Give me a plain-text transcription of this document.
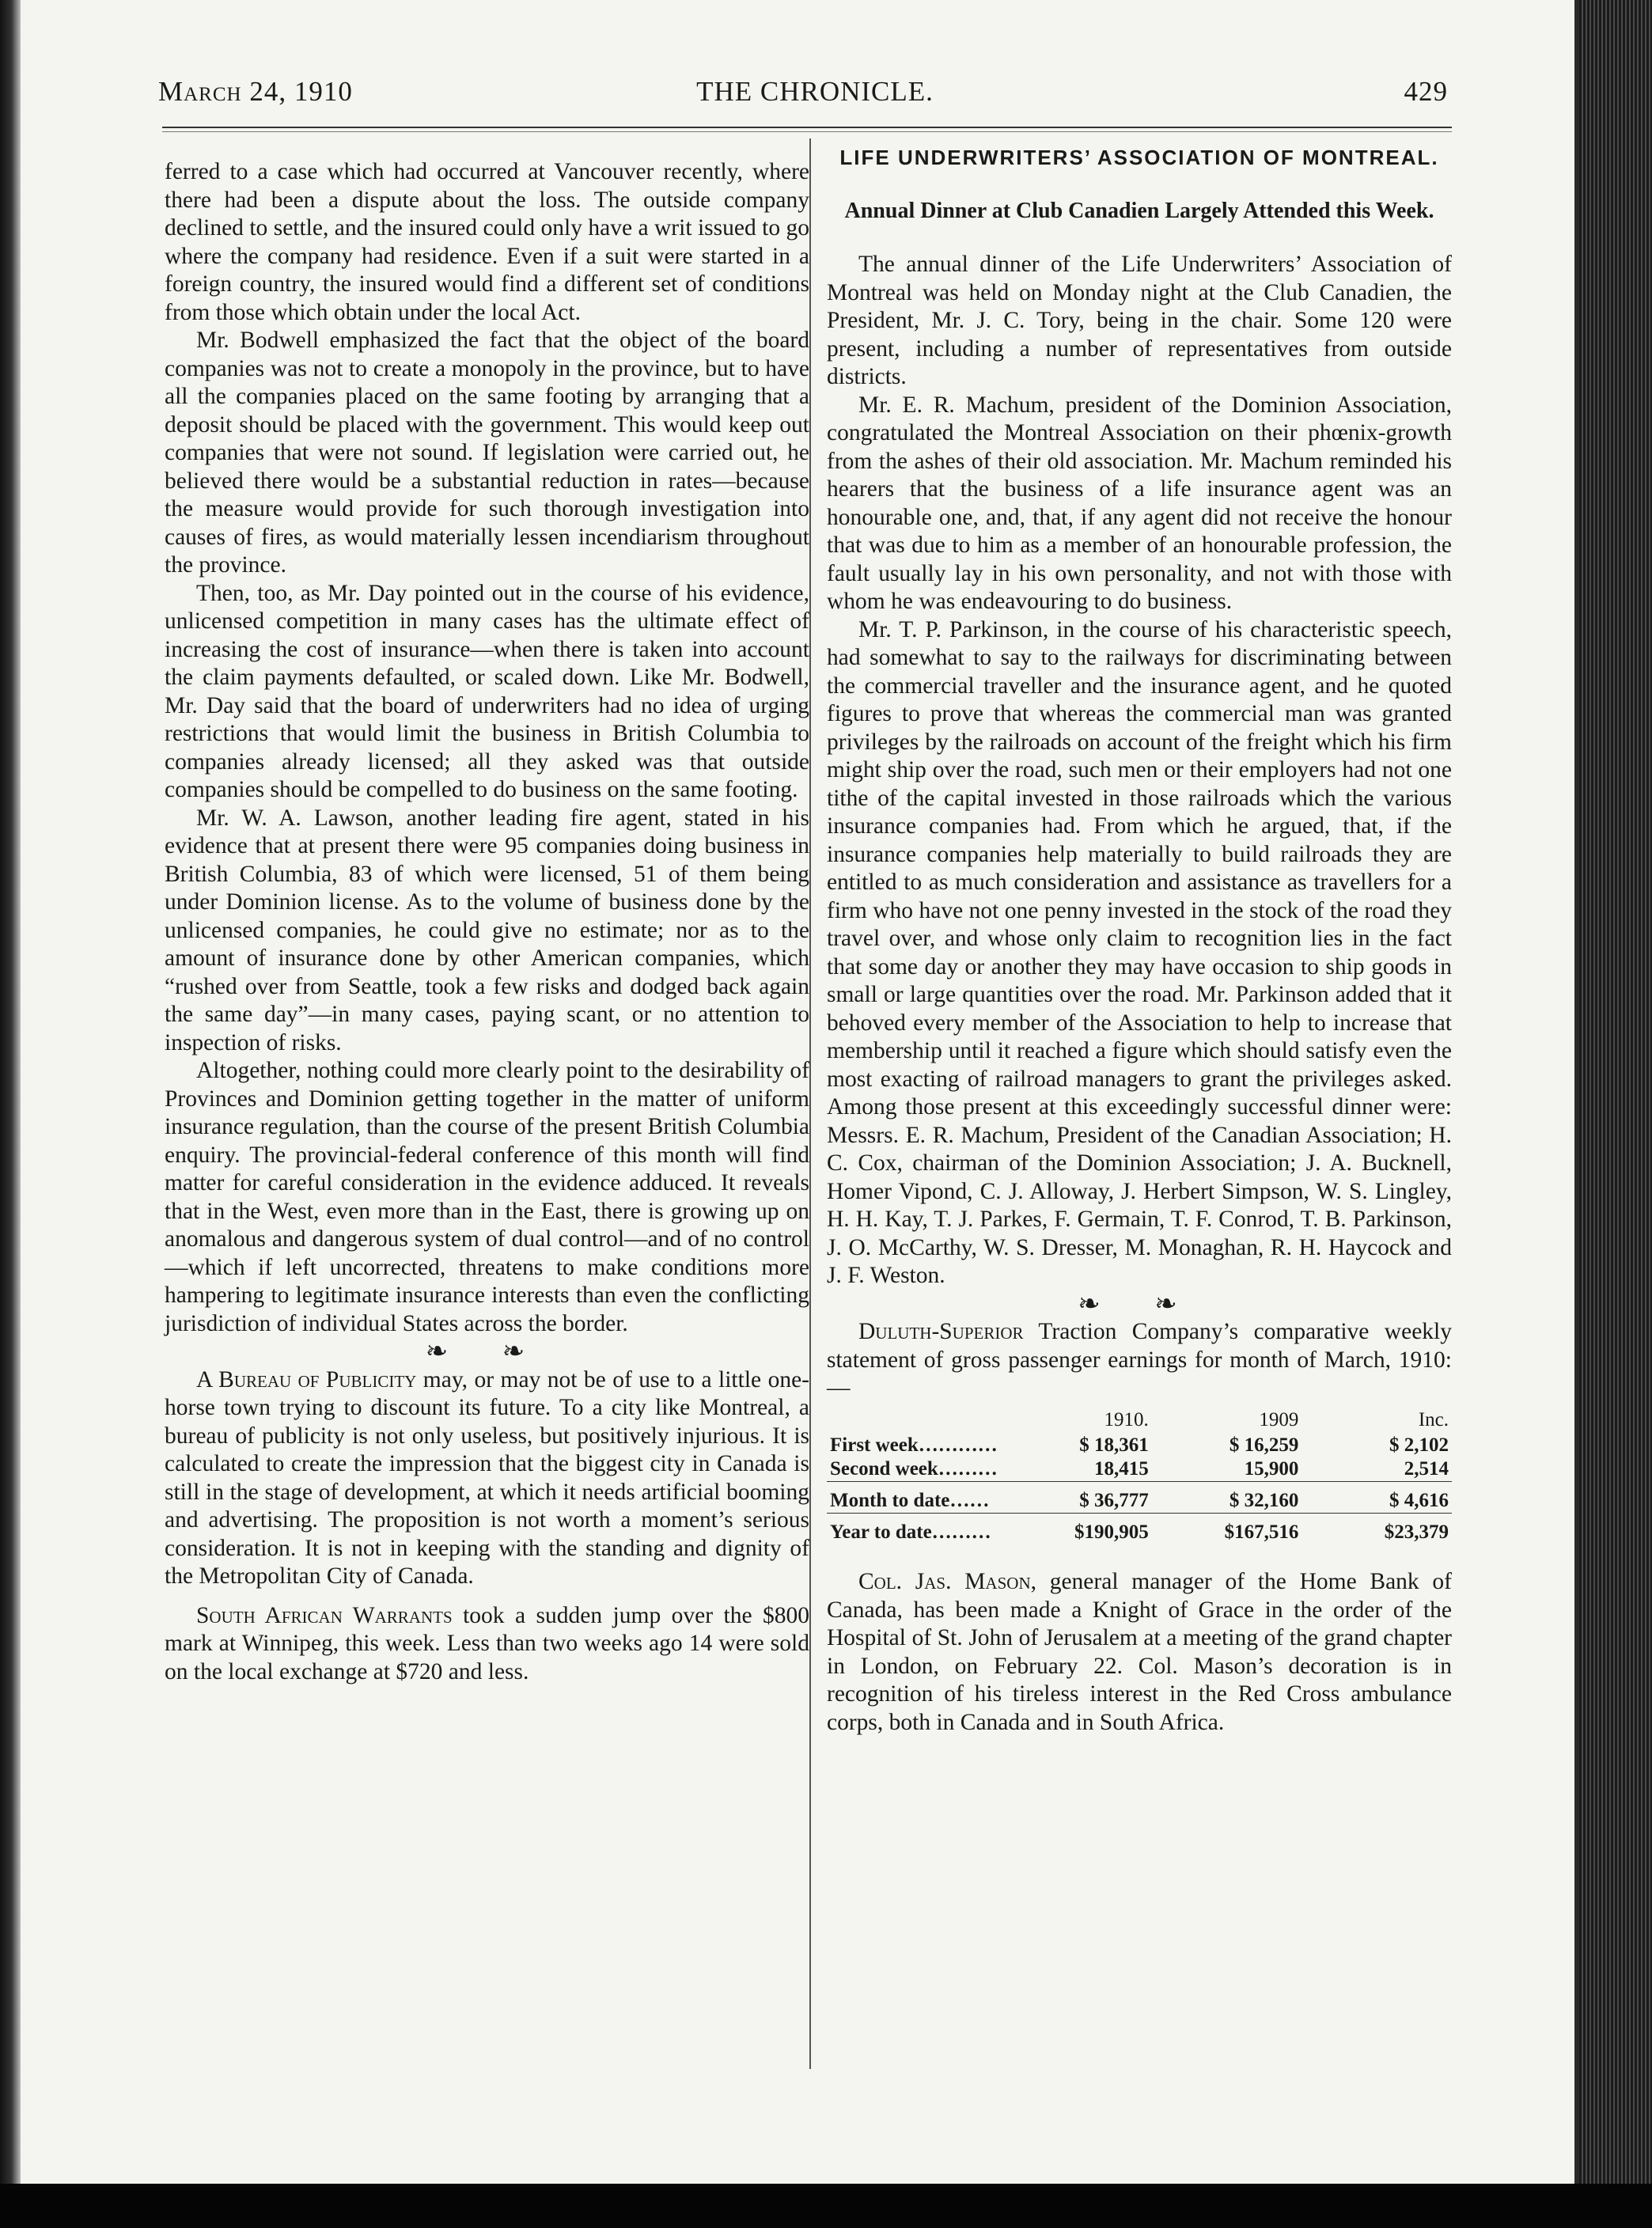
March 24, 1910	THE CHRONICLE.	429

ferred to a case which had occurred at Vancouver recently, where there had been a dispute about the loss. The outside company declined to settle, and the insured could only have a writ issued to go where the company had residence. Even if a suit were started in a foreign country, the insured would find a different set of conditions from those which obtain under the local Act.

Mr. Bodwell emphasized the fact that the object of the board companies was not to create a monopoly in the province, but to have all the companies placed on the same footing by arranging that a deposit should be placed with the government. This would keep out companies that were not sound. If legislation were carried out, he believed there would be a substantial reduction in rates—because the measure would provide for such thorough investigation into causes of fires, as would materially lessen incendiarism throughout the province.

Then, too, as Mr. Day pointed out in the course of his evidence, unlicensed competition in many cases has the ultimate effect of increasing the cost of insurance—when there is taken into account the claim payments defaulted, or scaled down. Like Mr. Bodwell, Mr. Day said that the board of underwriters had no idea of urging restrictions that would limit the business in British Columbia to companies already licensed; all they asked was that outside companies should be compelled to do business on the same footing.

Mr. W. A. Lawson, another leading fire agent, stated in his evidence that at present there were 95 companies doing business in British Columbia, 83 of which were licensed, 51 of them being under Dominion license. As to the volume of business done by the unlicensed companies, he could give no estimate; nor as to the amount of insurance done by other American companies, which “rushed over from Seattle, took a few risks and dodged back again the same day”—in many cases, paying scant, or no attention to inspection of risks.

Altogether, nothing could more clearly point to the desirability of Provinces and Dominion getting together in the matter of uniform insurance regulation, than the course of the present British Columbia enquiry. The provincial-federal conference of this month will find matter for careful consideration in the evidence adduced. It reveals that in the West, even more than in the East, there is growing up on anomalous and dangerous system of dual control—and of no control—which if left uncorrected, threatens to make conditions more hampering to legitimate insurance interests than even the conflicting jurisdiction of individual States across the border.

❧ ❧

A Bureau of Publicity may, or may not be of use to a little one-horse town trying to discount its future. To a city like Montreal, a bureau of publicity is not only useless, but positively injurious. It is calculated to create the impression that the biggest city in Canada is still in the stage of development, at which it needs artificial booming and advertising. The proposition is not worth a moment’s serious consideration. It is not in keeping with the standing and dignity of the Metropolitan City of Canada.

South African Warrants took a sudden jump over the $800 mark at Winnipeg, this week. Less than two weeks ago 14 were sold on the local exchange at $720 and less.

LIFE UNDERWRITERS’ ASSOCIATION OF MONTREAL.
Annual Dinner at Club Canadien Largely Attended this Week.

The annual dinner of the Life Underwriters’ Association of Montreal was held on Monday night at the Club Canadien, the President, Mr. J. C. Tory, being in the chair. Some 120 were present, including a number of representatives from outside districts.

Mr. E. R. Machum, president of the Dominion Association, congratulated the Montreal Association on their phœnix-growth from the ashes of their old association. Mr. Machum reminded his hearers that the business of a life insurance agent was an honourable one, and, that, if any agent did not receive the honour that was due to him as a member of an honourable profession, the fault usually lay in his own personality, and not with those with whom he was endeavouring to do business.

Mr. T. P. Parkinson, in the course of his characteristic speech, had somewhat to say to the railways for discriminating between the commercial traveller and the insurance agent, and he quoted figures to prove that whereas the commercial man was granted privileges by the railroads on account of the freight which his firm might ship over the road, such men or their employers had not one tithe of the capital invested in those railroads which the various insurance companies had. From which he argued, that, if the insurance companies help materially to build railroads they are entitled to as much consideration and assistance as travellers for a firm who have not one penny invested in the stock of the road they travel over, and whose only claim to recognition lies in the fact that some day or another they may have occasion to ship goods in small or large quantities over the road. Mr. Parkinson added that it behoved every member of the Association to help to increase that membership until it reached a figure which should satisfy even the most exacting of railroad managers to grant the privileges asked. Among those present at this exceedingly successful dinner were: Messrs. E. R. Machum, President of the Canadian Association; H. C. Cox, chairman of the Dominion Association; J. A. Bucknell, Homer Vipond, C. J. Alloway, J. Herbert Simpson, W. S. Lingley, H. H. Kay, T. J. Parkes, F. Germain, T. F. Conrod, T. B. Parkinson, J. O. McCarthy, W. S. Dresser, M. Monaghan, R. H. Haycock and J. F. Weston.

❧ ❧

Duluth-Superior Traction Company’s comparative weekly statement of gross passenger earnings for month of March, 1910:—

	1910.	1909	Inc.
First week…………	$ 18,361	$ 16,259	$ 2,102
Second week………	18,415	15,900	2,514
Month to date……	$ 36,777	$ 32,160	$ 4,616
Year to date………	$190,905	$167,516	$23,379

Col. Jas. Mason, general manager of the Home Bank of Canada, has been made a Knight of Grace in the order of the Hospital of St. John of Jerusalem at a meeting of the grand chapter in London, on February 22. Col. Mason’s decoration is in recognition of his tireless interest in the Red Cross ambulance corps, both in Canada and in South Africa.
